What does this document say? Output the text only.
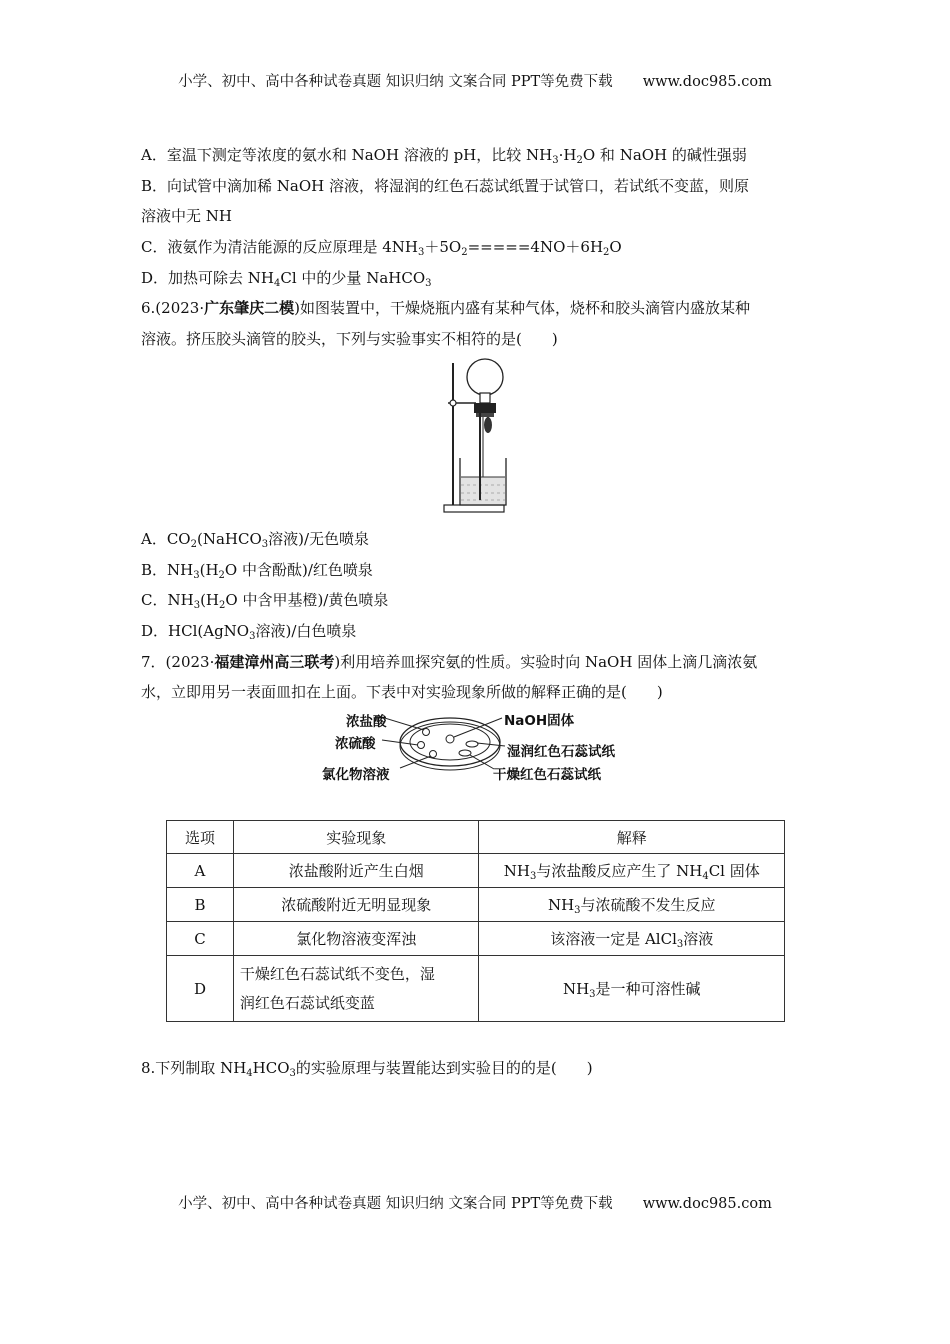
小学、初中、高中各种试卷真题 知识归纳 文案合同 PPT等免费下载 www.doc985.com
A．室温下测定等浓度的氨水和 NaOH 溶液的 pH，比较 $NH_3\cdot H_2O$ 和 NaOH 的碱性强弱
B．向试管中滴加稀 NaOH 溶液，将湿润的红色石蕊试纸置于试管口，若试纸不变蓝，则原
溶液中无 NH
C．液氨作为清洁能源的反应原理是 $4NH_3+5O_2=====4NO+6H_2O$
D．加热可除去 $NH_4Cl$ 中的少量 NaHCO$_3$
6.(2023·广东肇庆二模)如图装置中，干燥烧瓶内盛有某种气体，烧杯和胶头滴管内盛放某种
溶液。挤压胶头滴管的胶头，下列与实验事实不相符的是(　　)
A．$CO_2(NaHCO_3$溶液)/无色喷泉
B．$NH_3(H_2O$ 中含酚酞)/红色喷泉
C．$NH_3(H_2O$ 中含甲基橙)/黄色喷泉
D．HCl(AgNO$_3$溶液)/白色喷泉
7．(2023·福建漳州高三联考)利用培养皿探究氨的性质。实验时向 NaOH 固体上滴几滴浓氨
水，立即用另一表面皿扣在上面。下表中对实验现象所做的解释正确的是(　　)
浓盐酸
浓硫酸
氯化物溶液
NaOH固体
湿润红色石蕊试纸
干燥红色石蕊试纸
选项	实验现象	解释
A	浓盐酸附近产生白烟	$NH_3$与浓盐酸反应产生了 $NH_4Cl$ 固体
B	浓硫酸附近无明显现象	$NH_3$与浓硫酸不发生反应
C	氯化物溶液变浑浊	该溶液一定是 AlCl$_3$溶液
D	干燥红色石蕊试纸不变色，湿
润红色石蕊试纸变蓝	$NH_3$是一种可溶性碱
8.下列制取 $NH_4HCO_3$的实验原理与装置能达到实验目的的是(　　)
小学、初中、高中各种试卷真题 知识归纳 文案合同 PPT等免费下载 www.doc985.com
